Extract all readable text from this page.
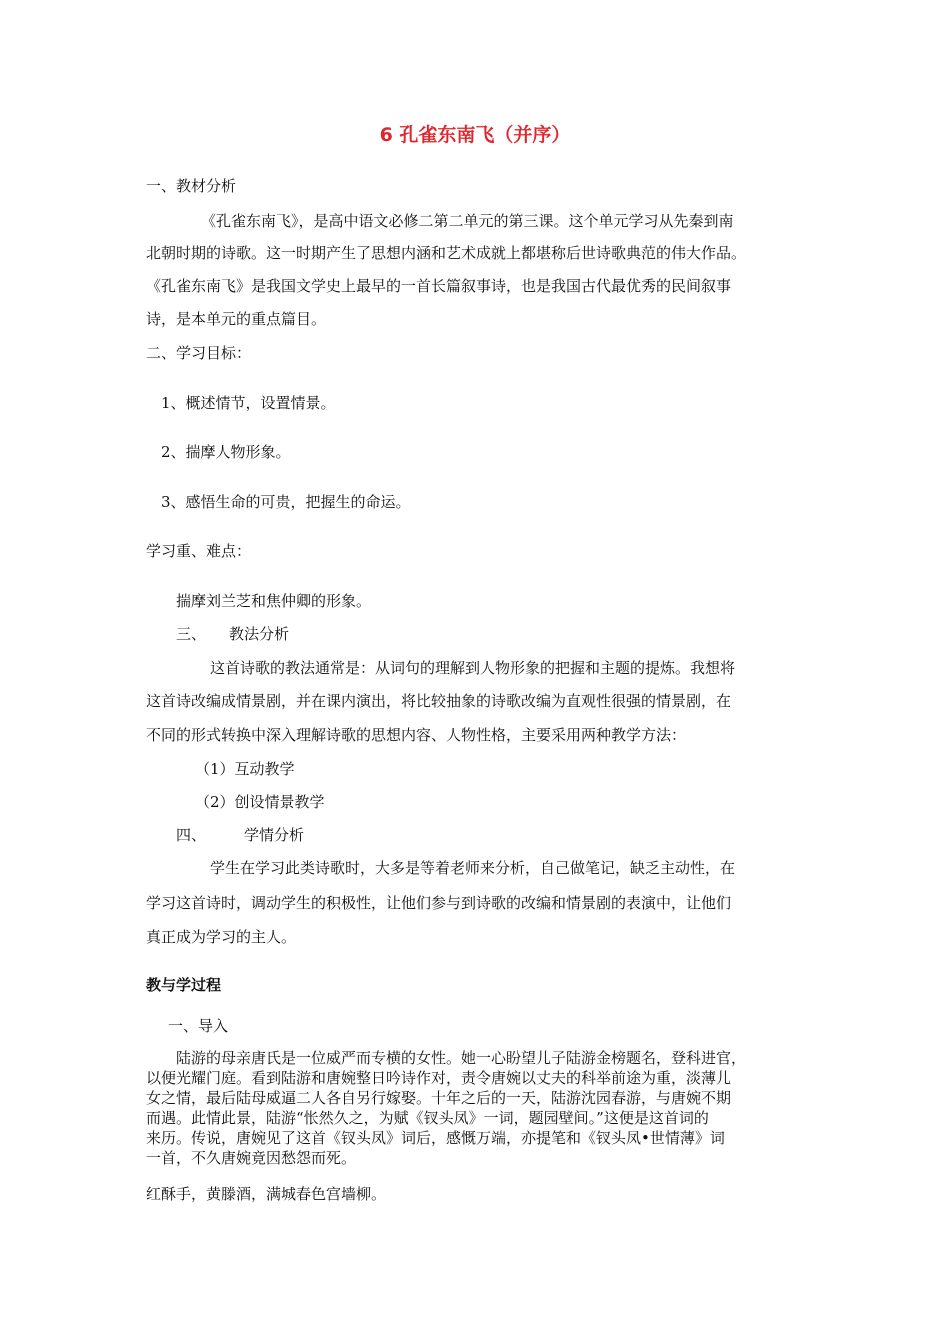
6 孔雀东南飞（并序）
一、教材分析
《孔雀东南飞》，是高中语文必修二第二单元的第三课。这个单元学习从先秦到南
北朝时期的诗歌。这一时期产生了思想内涵和艺术成就上都堪称后世诗歌典范的伟大作品。
《孔雀东南飞》是我国文学史上最早的一首长篇叙事诗，也是我国古代最优秀的民间叙事
诗，是本单元的重点篇目。
二、学习目标：
1、概述情节，设置情景。
2、揣摩人物形象。
3、感悟生命的可贵，把握生的命运。
学习重、难点：
揣摩刘兰芝和焦仲卿的形象。
三、 教法分析
这首诗歌的教法通常是：从词句的理解到人物形象的把握和主题的提炼。我想将
这首诗改编成情景剧，并在课内演出，将比较抽象的诗歌改编为直观性很强的情景剧，在
不同的形式转换中深入理解诗歌的思想内容、人物性格，主要采用两种教学方法：
（1）互动教学
（2）创设情景教学
四、	学情分析
学生在学习此类诗歌时，大多是等着老师来分析，自己做笔记，缺乏主动性，在
学习这首诗时，调动学生的积极性，让他们参与到诗歌的改编和情景剧的表演中，让他们
真正成为学习的主人。
教与学过程
一、导入
陆游的母亲唐氏是一位威严而专横的女性。她一心盼望儿子陆游金榜题名，登科进官，
以便光耀门庭。看到陆游和唐婉整日吟诗作对，责令唐婉以丈夫的科举前途为重，淡薄儿
女之情，最后陆母威逼二人各自另行嫁娶。十年之后的一天，陆游沈园春游，与唐婉不期
而遇。此情此景，陆游“怅然久之，为赋《钗头凤》一词，题园壁间。”这便是这首词的
来历。传说，唐婉见了这首《钗头凤》词后，感慨万端，亦提笔和《钗头凤•世情薄》词
一首，不久唐婉竟因愁怨而死。
红酥手，黄滕酒，满城春色宫墙柳。
